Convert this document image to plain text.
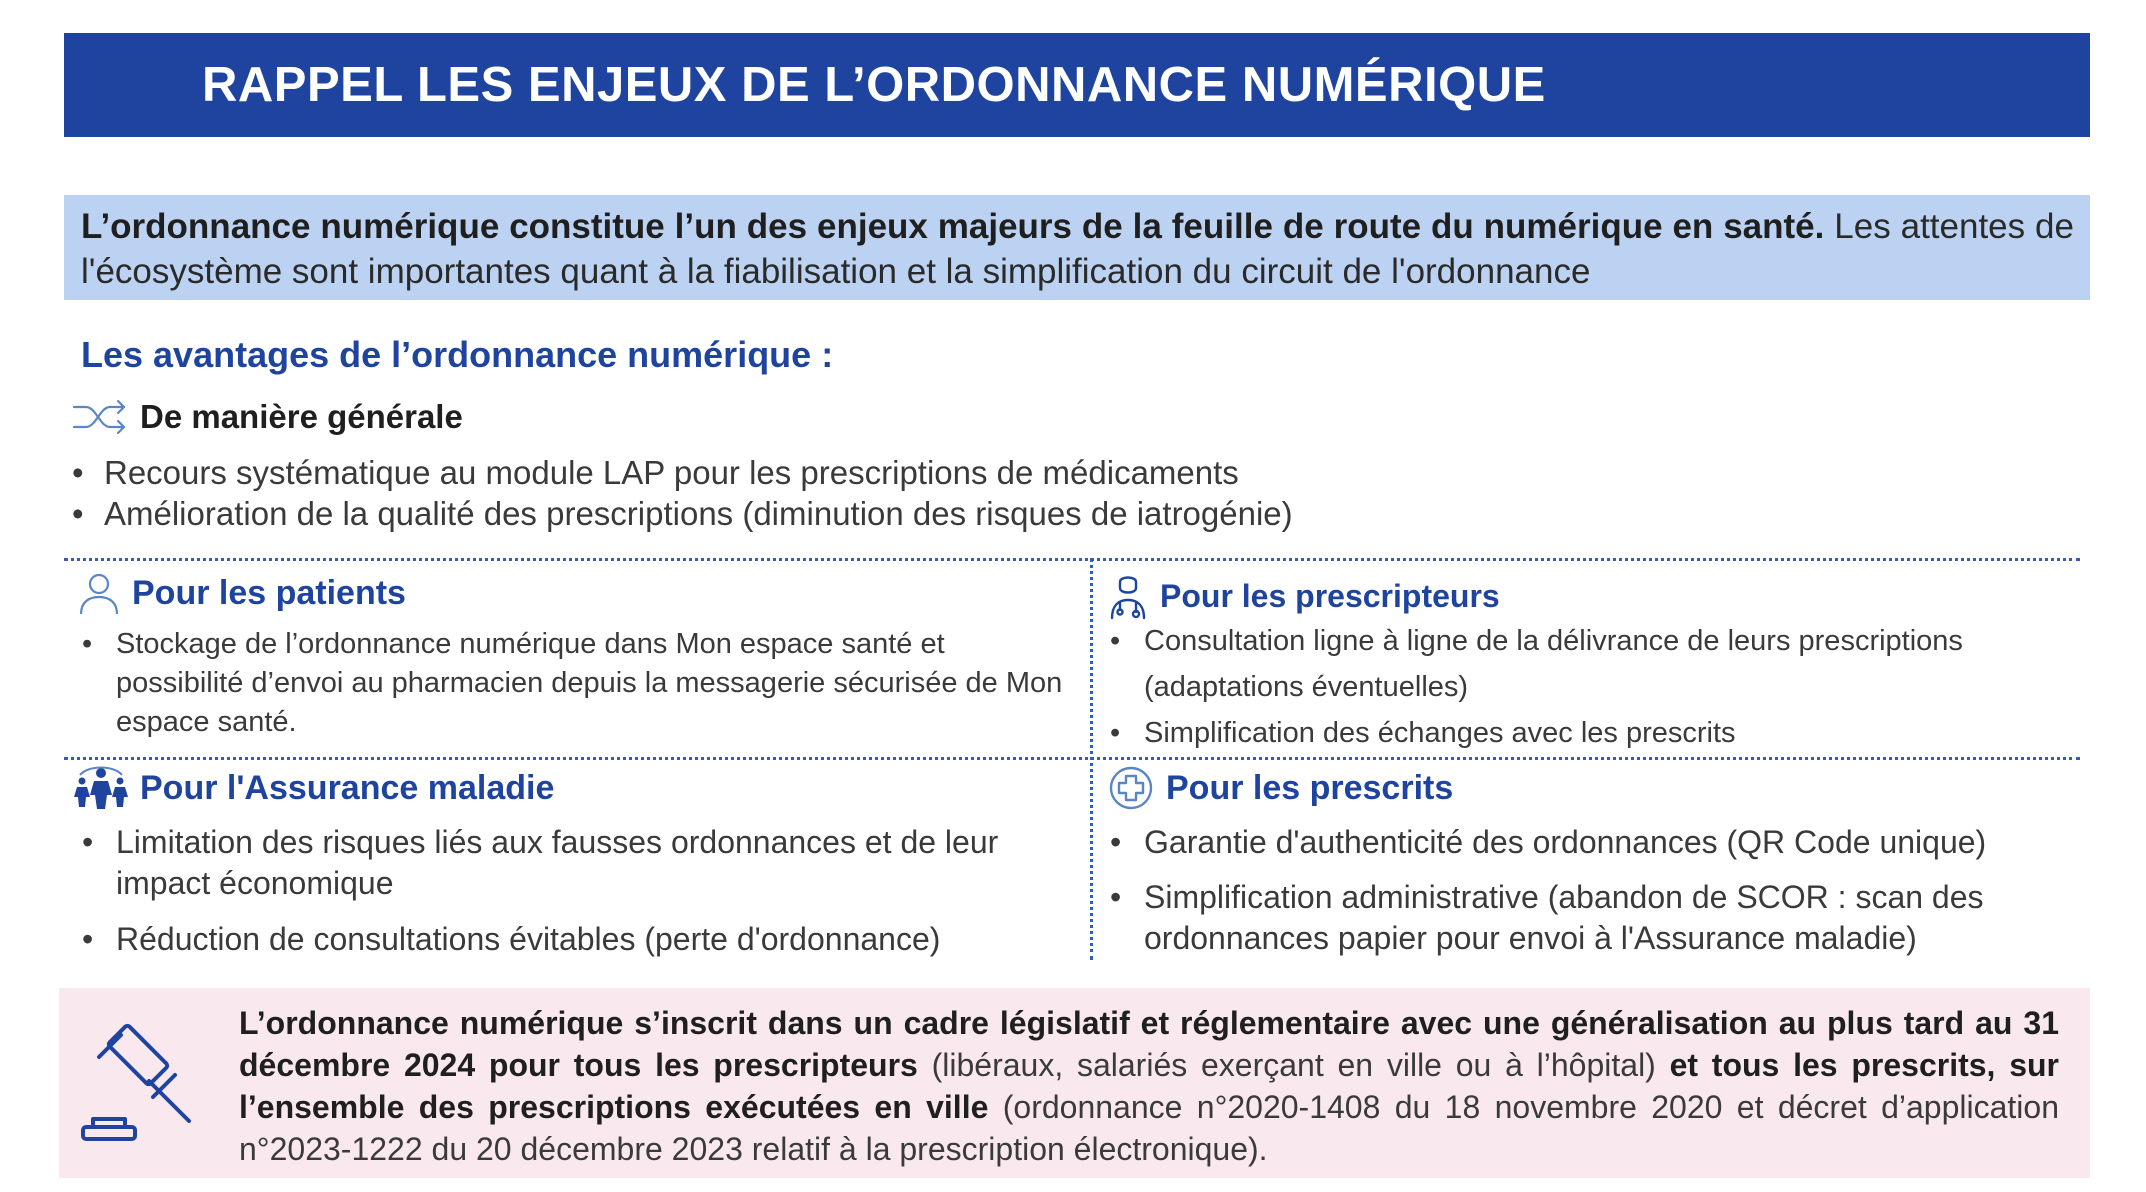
RAPPEL LES ENJEUX DE L’ORDONNANCE NUMÉRIQUE
L’ordonnance numérique constitue l’un des enjeux majeurs de la feuille de route du numérique en santé. Les attentes de l'écosystème sont importantes quant à la fiabilisation et la simplification du circuit de l'ordonnance
Les avantages de l’ordonnance numérique :
De manière générale
• Recours systématique au module LAP pour les prescriptions de médicaments
• Amélioration de la qualité des prescriptions (diminution des risques de iatrogénie)
Pour les patients
• Stockage de l’ordonnance numérique dans Mon espace santé et possibilité d’envoi au pharmacien depuis la messagerie sécurisée de Mon espace santé.
Pour les prescripteurs
• Consultation ligne à ligne de la délivrance de leurs prescriptions (adaptations éventuelles)
• Simplification des échanges avec les prescrits
Pour l'Assurance maladie
• Limitation des risques liés aux fausses ordonnances et de leur impact économique
• Réduction de consultations évitables (perte d'ordonnance)
Pour les prescrits
• Garantie d'authenticité des ordonnances (QR Code unique)
• Simplification administrative (abandon de SCOR : scan des ordonnances papier pour envoi à l'Assurance maladie)
L’ordonnance numérique s’inscrit dans un cadre législatif et réglementaire avec une généralisation au plus tard au 31 décembre 2024 pour tous les prescripteurs (libéraux, salariés exerçant en ville ou à l’hôpital) et tous les prescrits, sur l’ensemble des prescriptions exécutées en ville (ordonnance n°2020-1408 du 18 novembre 2020 et décret d’application n°2023-1222 du 20 décembre 2023 relatif à la prescription électronique).
